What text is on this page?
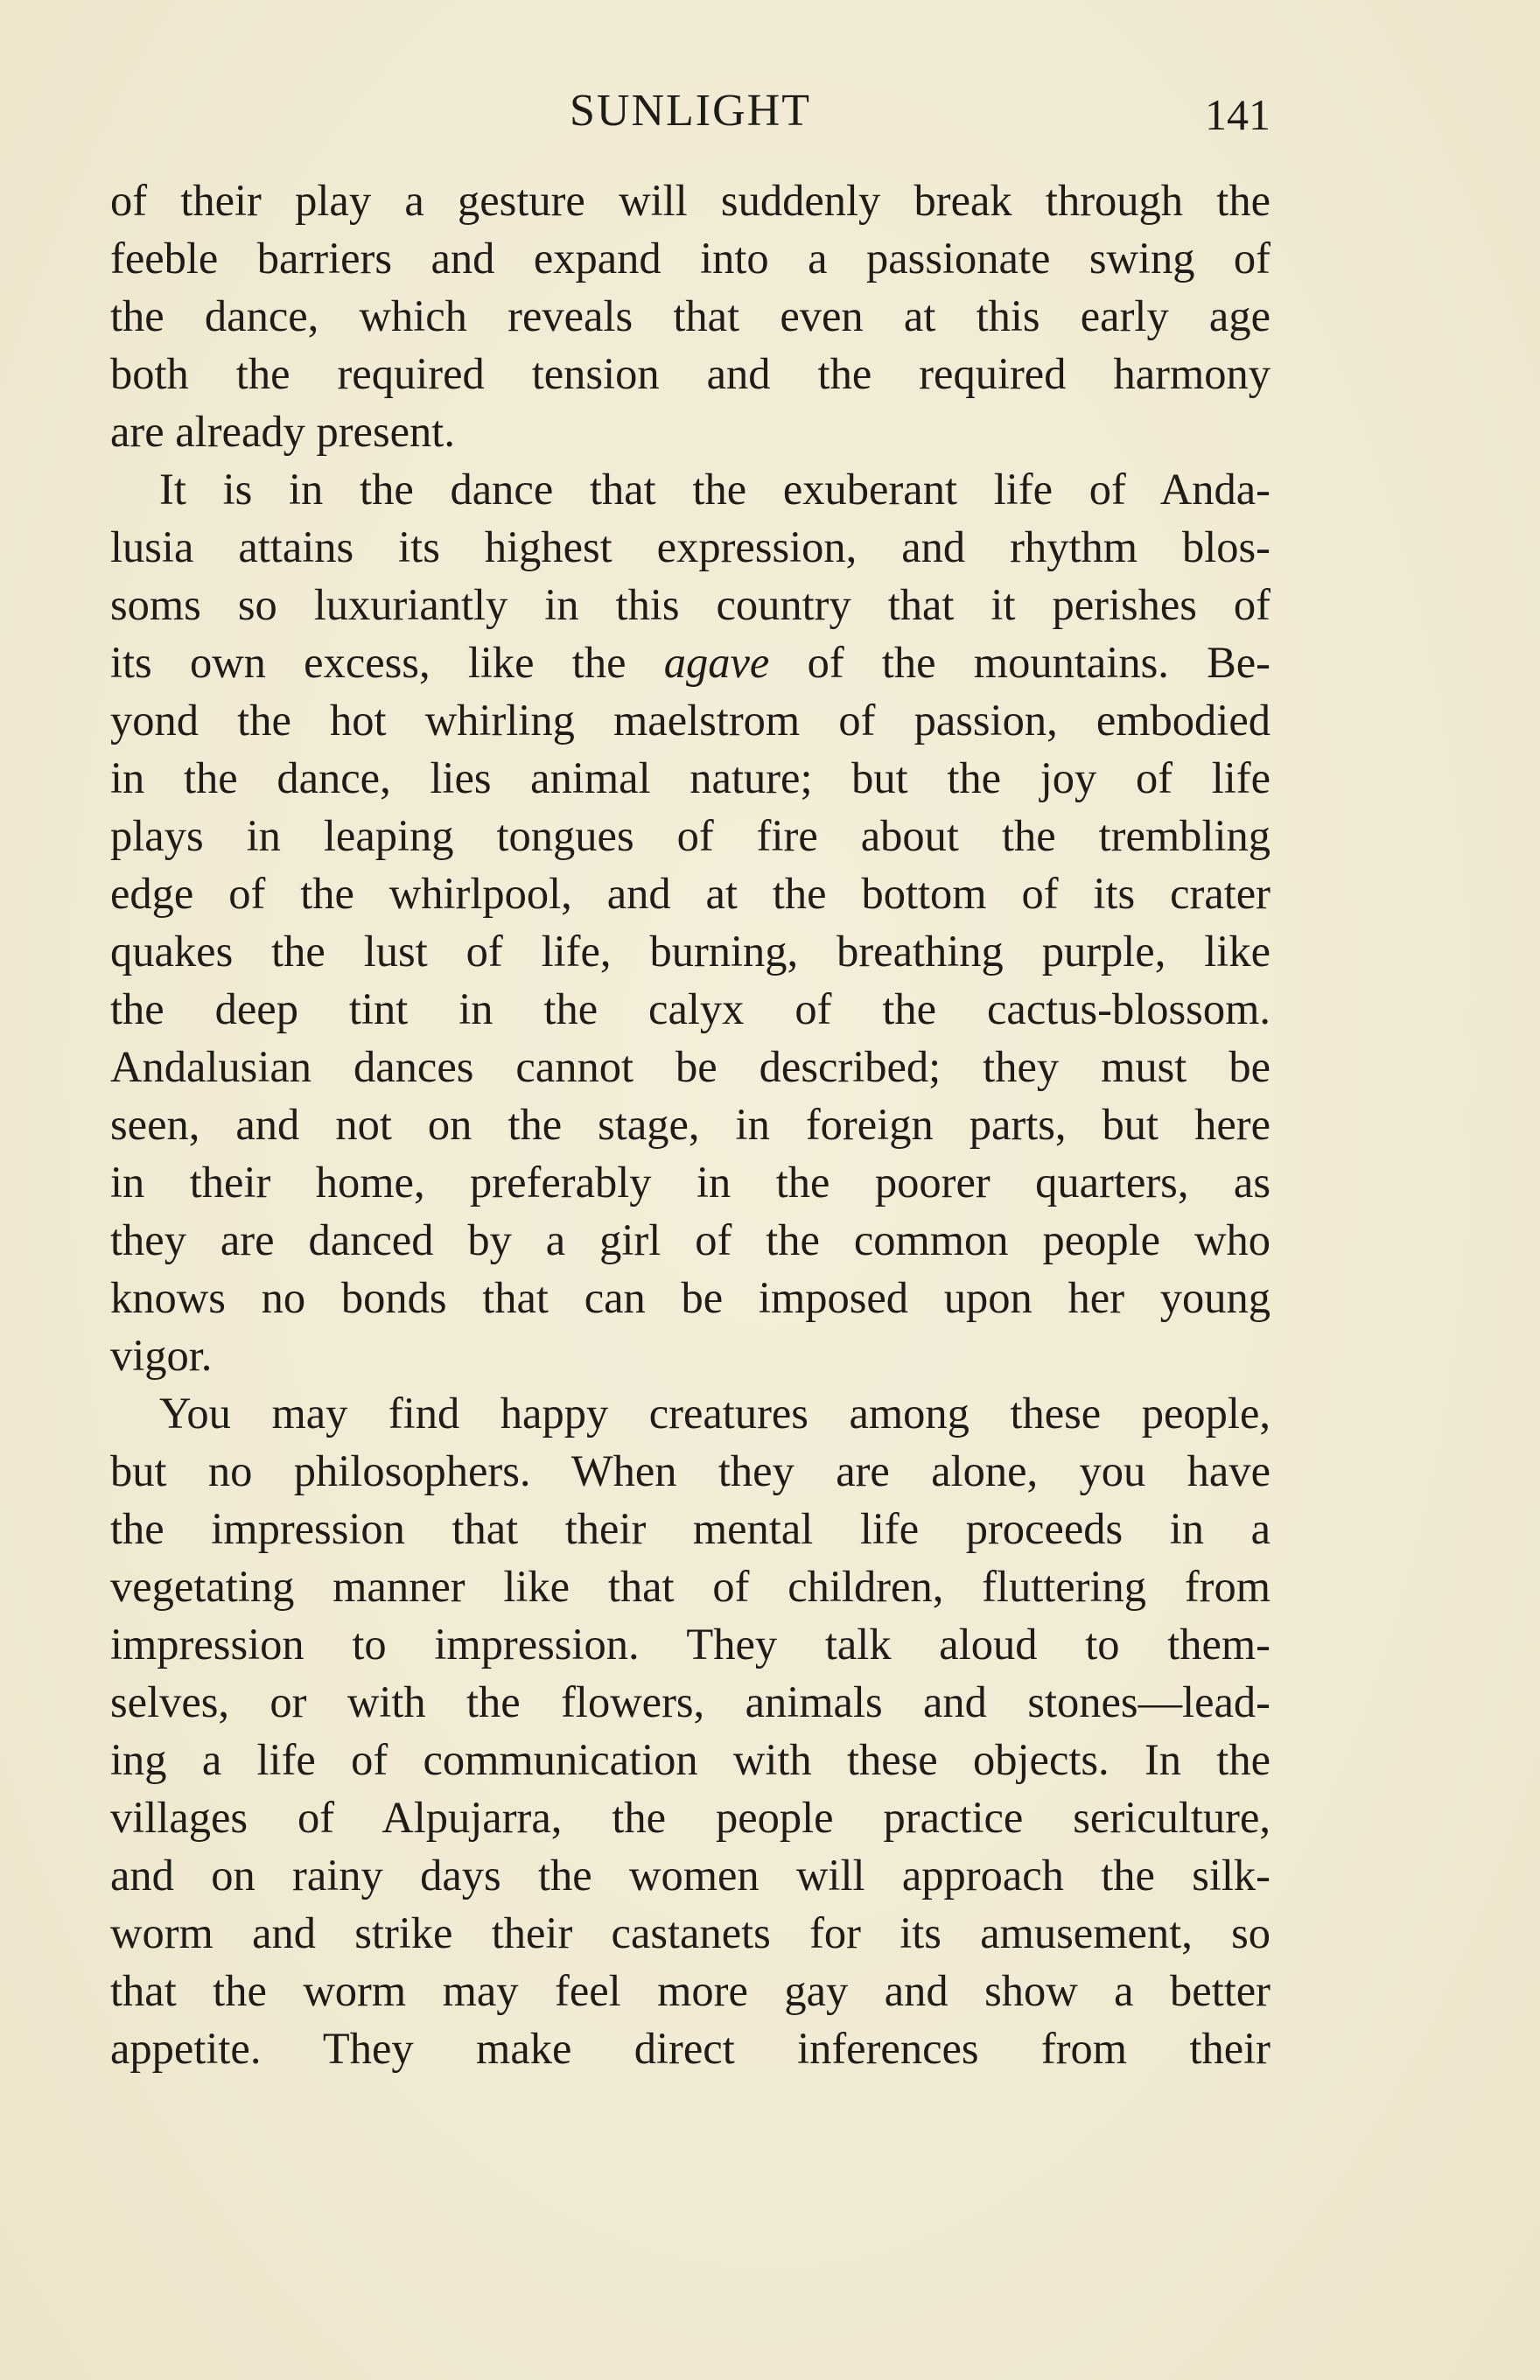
SUNLIGHT	141
of their play a gesture will suddenly break through the
feeble barriers and expand into a passionate swing of
the dance, which reveals that even at this early age
both the required tension and the required harmony
are already present.
It is in the dance that the exuberant life of Anda-
lusia attains its highest expression, and rhythm blos-
soms so luxuriantly in this country that it perishes of
its own excess, like the agave of the mountains. Be-
yond the hot whirling maelstrom of passion, embodied
in the dance, lies animal nature; but the joy of life
plays in leaping tongues of fire about the trembling
edge of the whirlpool, and at the bottom of its crater
quakes the lust of life, burning, breathing purple, like
the deep tint in the calyx of the cactus-blossom.
Andalusian dances cannot be described; they must be
seen, and not on the stage, in foreign parts, but here
in their home, preferably in the poorer quarters, as
they are danced by a girl of the common people who
knows no bonds that can be imposed upon her young
vigor.
You may find happy creatures among these people,
but no philosophers. When they are alone, you have
the impression that their mental life proceeds in a
vegetating manner like that of children, fluttering from
impression to impression. They talk aloud to them-
selves, or with the flowers, animals and stones—lead-
ing a life of communication with these objects. In the
villages of Alpujarra, the people practice sericulture,
and on rainy days the women will approach the silk-
worm and strike their castanets for its amusement, so
that the worm may feel more gay and show a better
appetite. They make direct inferences from their
